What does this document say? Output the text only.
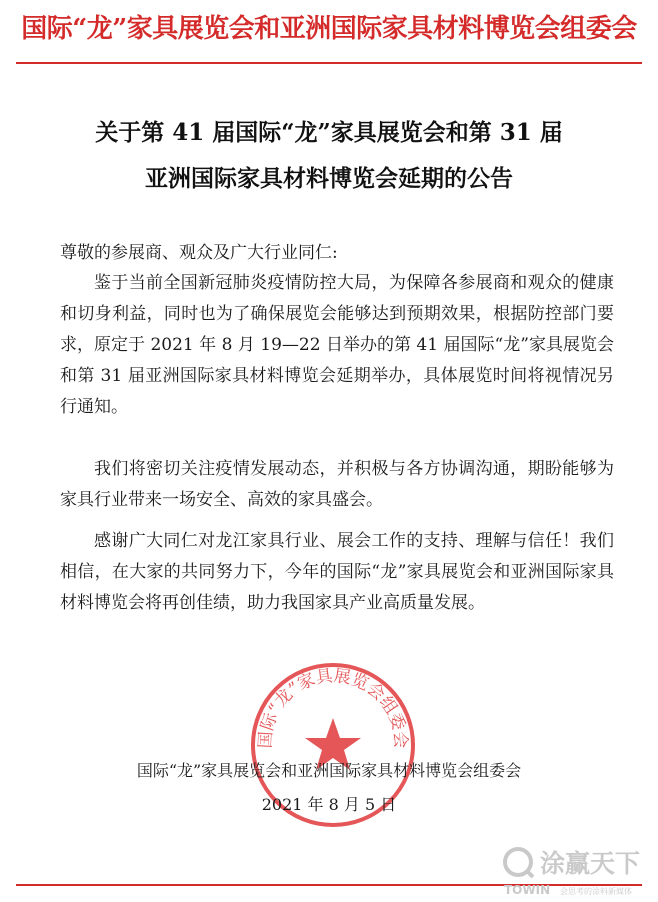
国际“龙”家具展览会和亚洲国际家具材料博览会组委会
关于第 41 届国际“龙”家具展览会和第 31 届
亚洲国际家具材料博览会延期的公告
尊敬的参展商、观众及广大行业同仁:

鉴于当前全国新冠肺炎疫情防控大局，为保障各参展商和观众的健康和切身利益，同时也为了确保展览会能够达到预期效果，根据防控部门要求，原定于 2021 年 8 月 19—22 日举办的第 41 届国际“龙”家具展览会和第 31 届亚洲国际家具材料博览会延期举办，具体展览时间将视情况另行通知。

我们将密切关注疫情发展动态，并积极与各方协调沟通，期盼能够为家具行业带来一场安全、高效的家具盛会。

感谢广大同仁对龙江家具行业、展会工作的支持、理解与信任！我们相信，在大家的共同努力下，今年的国际“龙”家具展览会和亚洲国际家具材料博览会将再创佳绩，助力我国家具产业高质量发展。

国际“龙”家具展览会组委会
国际“龙”家具展览会和亚洲国际家具材料博览会组委会
2021 年 8 月 5 日
涂赢天下
TOWIN 会思考的涂料新媒体
